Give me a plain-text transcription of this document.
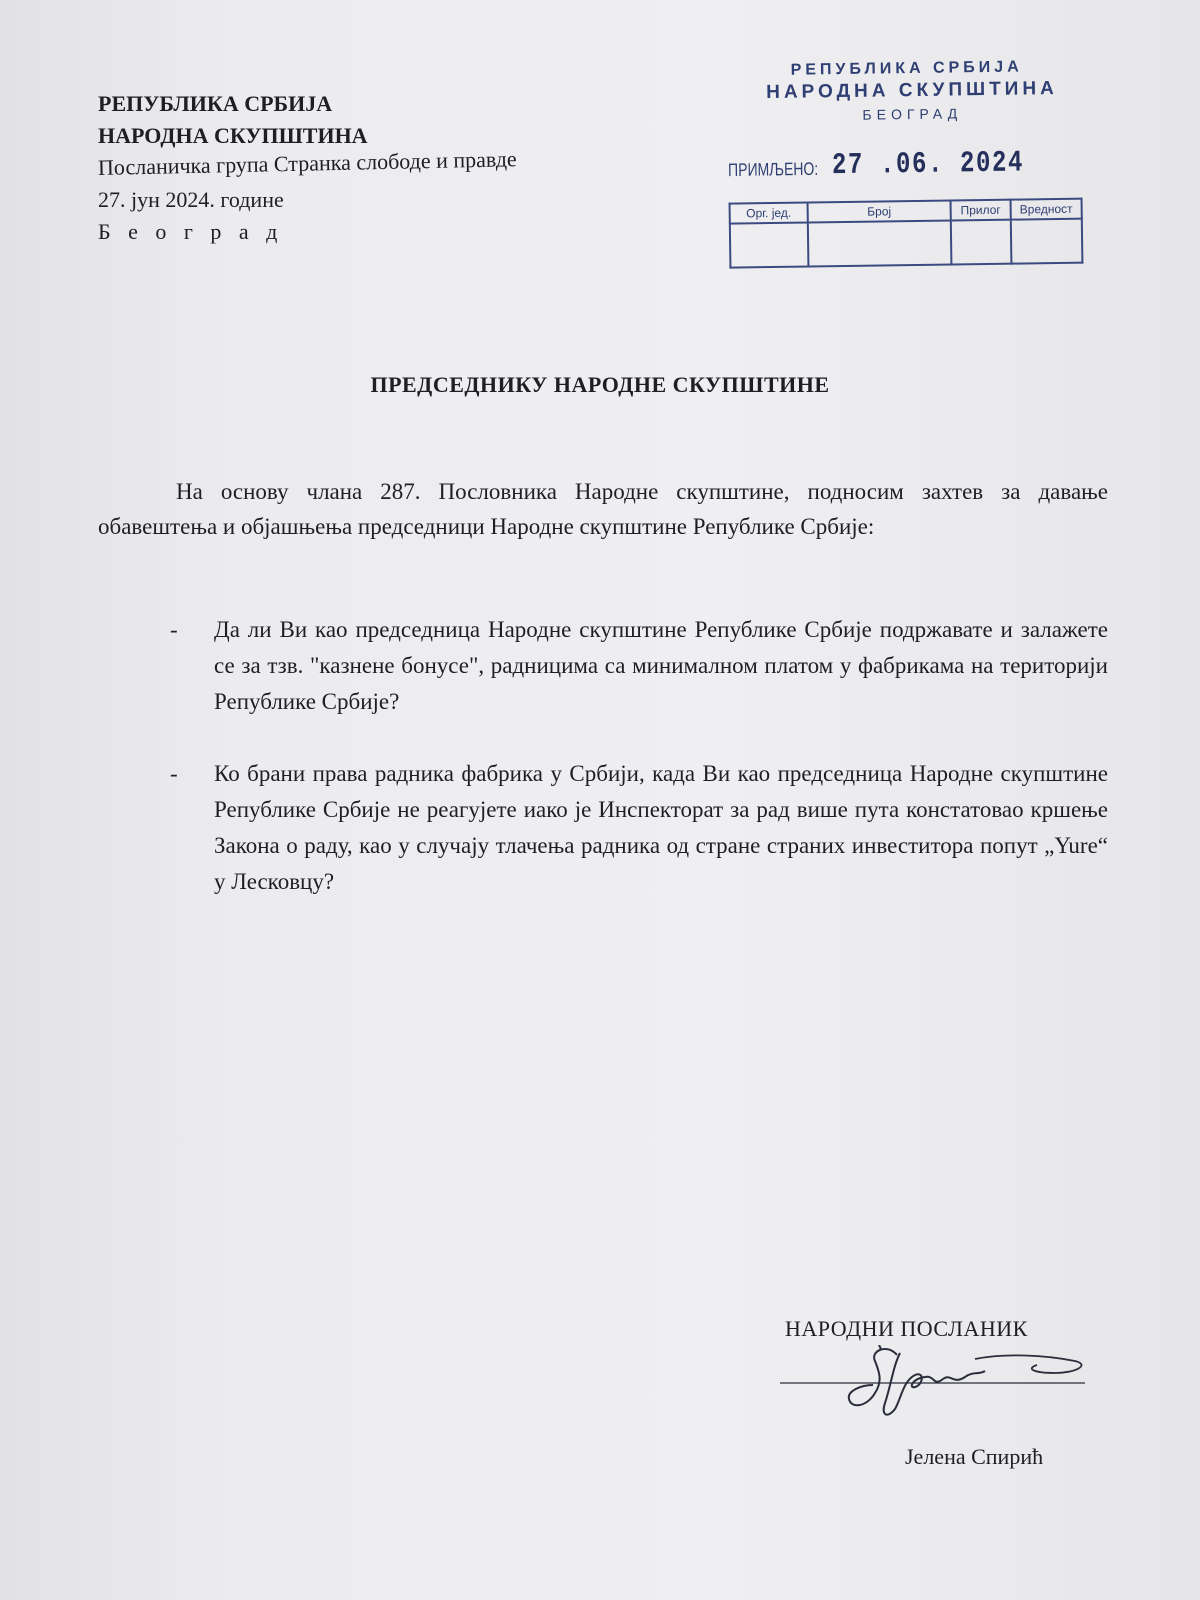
РЕПУБЛИКА СРБИЈА
НАРОДНА СКУПШТИНА
Посланичка група Странка слободе и правде
27. јун 2024. године
Б е о г р а д
РЕПУБЛИКА СРБИЈА
НАРОДНА СКУПШТИНА
БЕОГРАД
ПРИМЉЕНО: 27 .06. 2024
Орг. јед.	Број	Прилог	Вредност

ПРЕДСЕДНИКУ НАРОДНЕ СКУПШТИНЕ
На основу члана 287. Пословника Народне скупштине, подносим захтев за давање обавештења и објашњења председници Народне скупштине Републике Србије:
- Да ли Ви као председница Народне скупштине Републике Србије подржавате и залажете се за тзв. "казнене бонусе", радницима са минималном платом у фабрикама на територији Републике Србије?
- Ко брани права радника фабрика у Србији, када Ви као председница Народне скупштине Републике Србије не реагујете иако је Инспекторат за рад више пута констатовао кршење Закона о раду, као у случају тлачења радника од стране страних инвеститора попут „Yure“ у Лесковцу?
НАРОДНИ ПОСЛАНИК
Јелена Спирић
